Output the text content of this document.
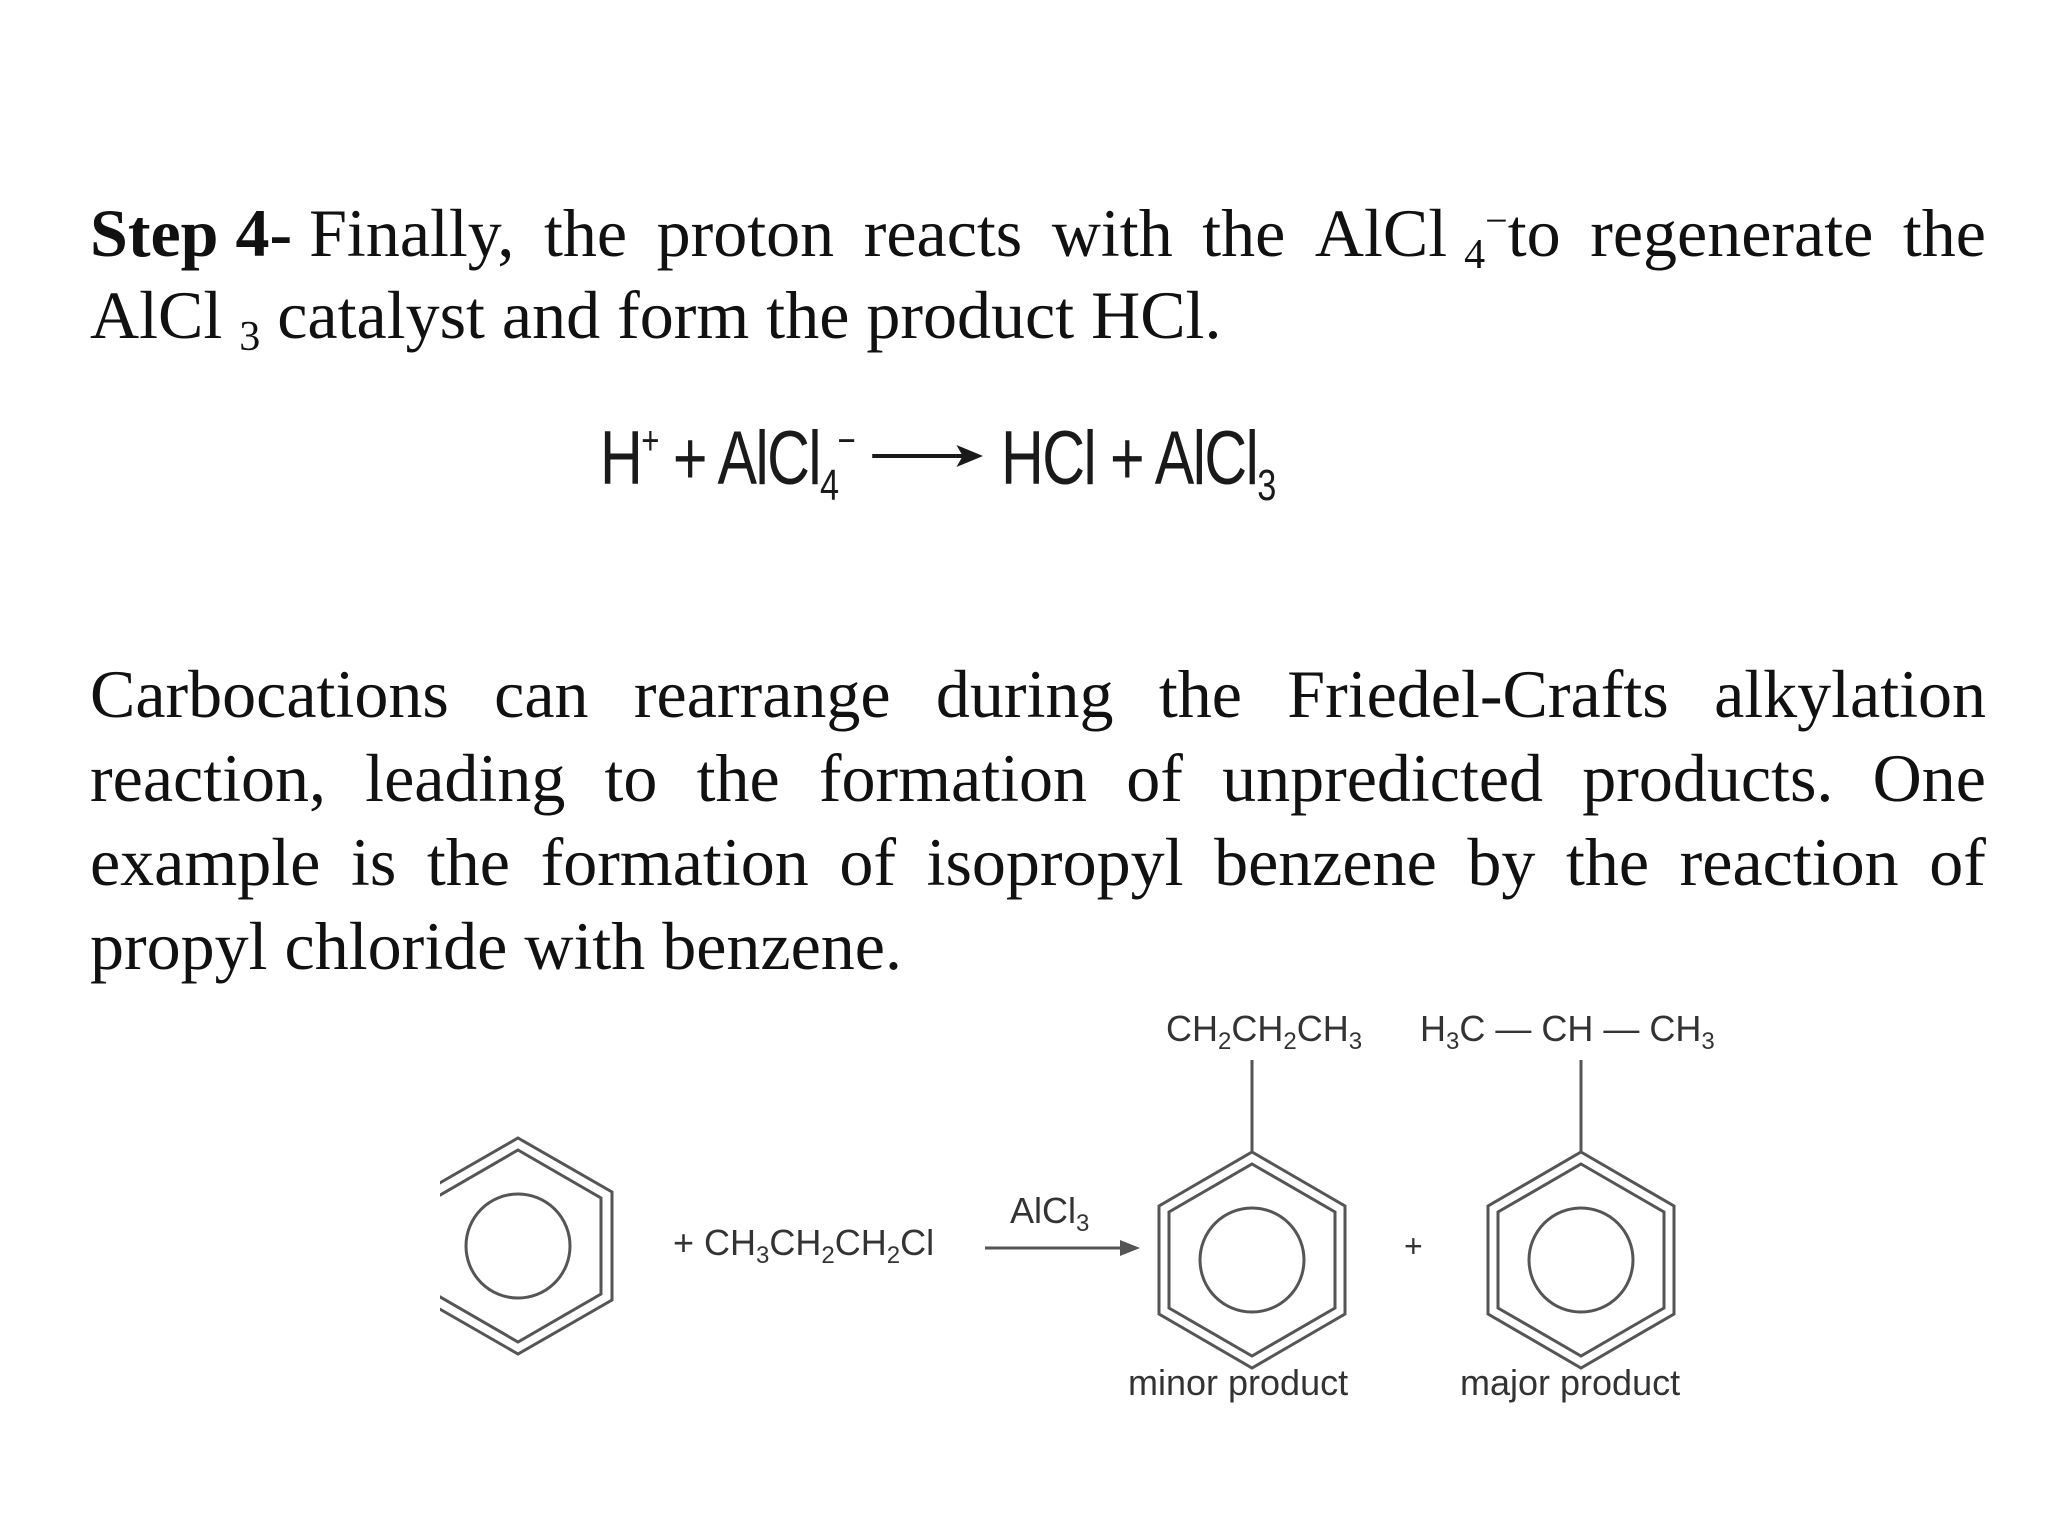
Step 4- Finally, the proton reacts with the AlCl $_4$−to regenerate the
AlCl $_3$ catalyst and form the product HCl.
H+ + AlCl$_4$− → HCl + AlCl$_3$
Carbocations can rearrange during the Friedel-Crafts alkylation
reaction, leading to the formation of unpredicted products. One
example is the formation of isopropyl benzene by the reaction of
propyl chloride with benzene.
+ $CH_3CH_2CH_2Cl$
AlCl$_3$
$CH_2CH_2CH_3$ $H_3C$ — CH — $CH_3$
+
minor product	major product
